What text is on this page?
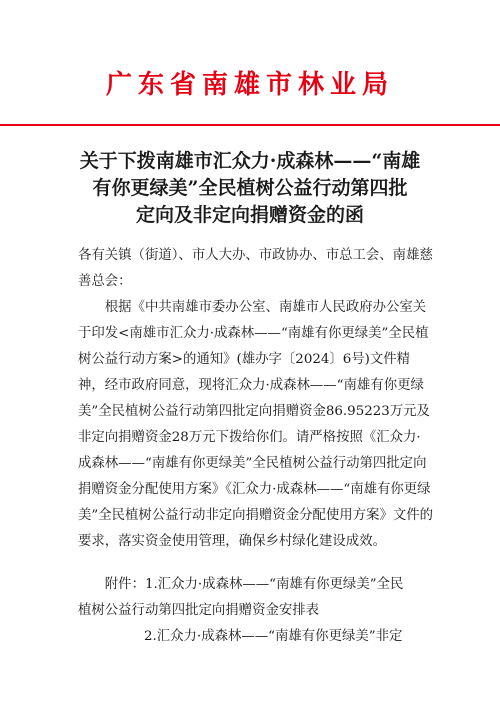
广东省南雄市林业局
关于下拨南雄市汇众力·成森林——“南雄
有你更绿美”全民植树公益行动第四批
定向及非定向捐赠资金的函
各有关镇（街道）、市人大办、市政协办、市总工会、南雄慈善总会：
根据《中共南雄市委办公室、南雄市人民政府办公室关于印发<南雄市汇众力·成森林——“南雄有你更绿美”全民植树公益行动方案>的通知》(雄办字〔2024〕6号)文件精神，经市政府同意，现将汇众力·成森林——“南雄有你更绿美”全民植树公益行动第四批定向捐赠资金86.95223万元及非定向捐赠资金28万元下拨给你们。请严格按照《汇众力·成森林——“南雄有你更绿美”全民植树公益行动第四批定向捐赠资金分配使用方案》《汇众力·成森林——“南雄有你更绿美”全民植树公益行动非定向捐赠资金分配使用方案》文件的要求，落实资金使用管理，确保乡村绿化建设成效。
附件：1.汇众力·成森林——“南雄有你更绿美”全民
植树公益行动第四批定向捐赠资金安排表
2.汇众力·成森林——“南雄有你更绿美”非定
